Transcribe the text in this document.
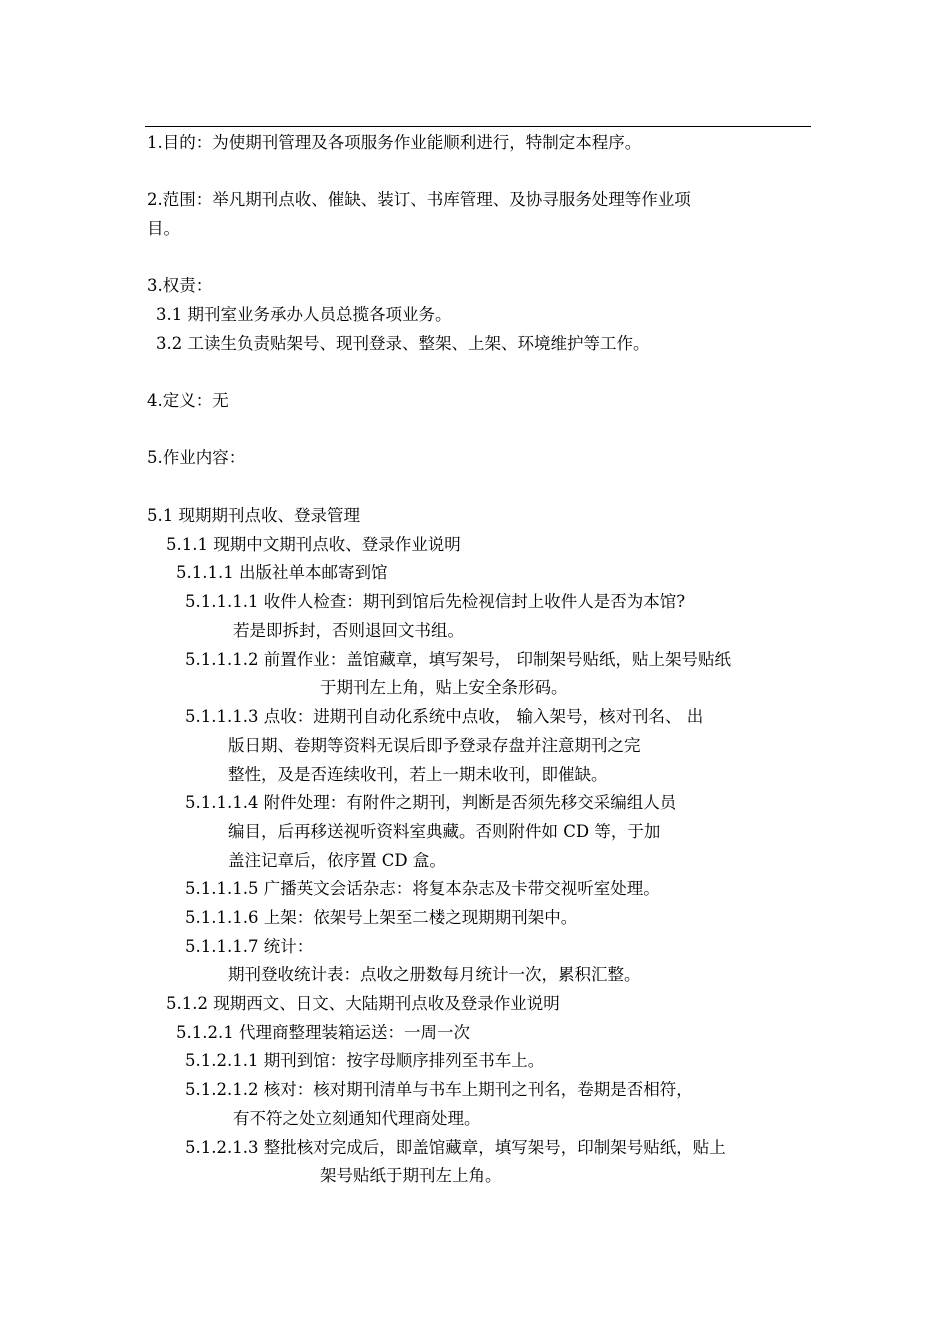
1.目的：为使期刊管理及各项服务作业能顺利进行，特制定本程序。
2.范围：举凡期刊点收、催缺、装订、书库管理、及协寻服务处理等作业项
目。
3.权责：
3.1 期刊室业务承办人员总揽各项业务。
3.2 工读生负责贴架号、现刊登录、整架、上架、环境维护等工作。
4.定义：无
5.作业内容：
5.1 现期期刊点收、登录管理
5.1.1 现期中文期刊点收、登录作业说明
5.1.1.1 出版社单本邮寄到馆
5.1.1.1.1 收件人检查：期刊到馆后先检视信封上收件人是否为本馆?
若是即拆封，否则退回文书组。
5.1.1.1.2 前置作业：盖馆藏章，填写架号， 印制架号贴纸，贴上架号贴纸
于期刊左上角，贴上安全条形码。
5.1.1.1.3 点收：进期刊自动化系统中点收， 输入架号，核对刊名、 出
版日期、卷期等资料无误后即予登录存盘并注意期刊之完
整性，及是否连续收刊，若上一期未收刊，即催缺。
5.1.1.1.4 附件处理：有附件之期刊，判断是否须先移交采编组人员
编目，后再移送视听资料室典藏。否则附件如 CD 等，于加
盖注记章后，依序置 CD 盒。
5.1.1.1.5 广播英文会话杂志：将复本杂志及卡带交视听室处理。
5.1.1.1.6 上架：依架号上架至二楼之现期期刊架中。
5.1.1.1.7 统计：
期刊登收统计表：点收之册数每月统计一次，累积汇整。
5.1.2 现期西文、日文、大陆期刊点收及登录作业说明
5.1.2.1 代理商整理装箱运送：一周一次
5.1.2.1.1 期刊到馆：按字母顺序排列至书车上。
5.1.2.1.2 核对：核对期刊清单与书车上期刊之刊名，卷期是否相符，
有不符之处立刻通知代理商处理。
5.1.2.1.3 整批核对完成后，即盖馆藏章，填写架号，印制架号贴纸，贴上
架号贴纸于期刊左上角。
